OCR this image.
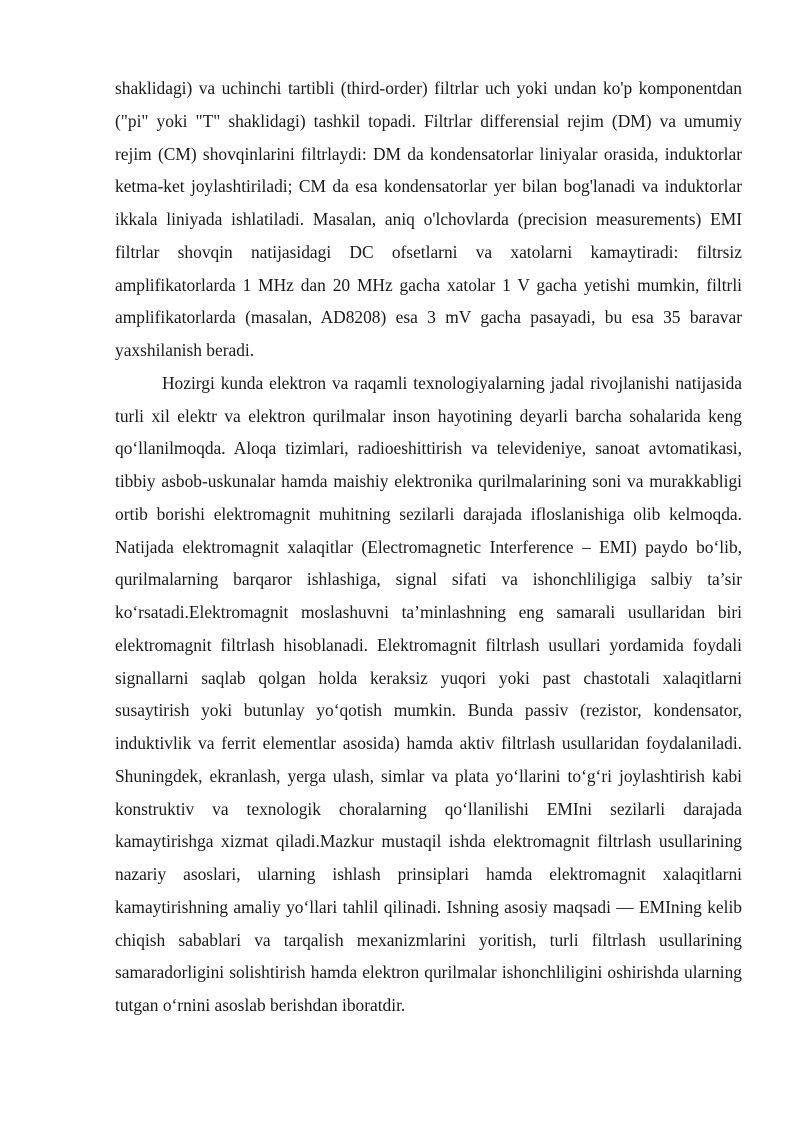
shaklidagi) va uchinchi tartibli (third-order) filtrlar uch yoki undan ko'p komponentdan ("pi" yoki "T" shaklidagi) tashkil topadi. Filtrlar differensial rejim (DM) va umumiy rejim (CM) shovqinlarini filtrlaydi: DM da kondensatorlar liniyalar orasida, induktorlar ketma-ket joylashtiriladi; CM da esa kondensatorlar yer bilan bog'lanadi va induktorlar ikkala liniyada ishlatiladi. Masalan, aniq o'lchovlarda (precision measurements) EMI filtrlar shovqin natijasidagi DC ofsetlarni va xatolarni kamaytiradi: filtrsiz amplifikatorlarda 1 MHz dan 20 MHz gacha xatolar 1 V gacha yetishi mumkin, filtrli amplifikatorlarda (masalan, AD8208) esa 3 mV gacha pasayadi, bu esa 35 baravar yaxshilanish beradi.

Hozirgi kunda elektron va raqamli texnologiyalarning jadal rivojlanishi natijasida turli xil elektr va elektron qurilmalar inson hayotining deyarli barcha sohalarida keng qo‘llanilmoqda. Aloqa tizimlari, radioeshittirish va televideniye, sanoat avtomatikasi, tibbiy asbob-uskunalar hamda maishiy elektronika qurilmalarining soni va murakkabligi ortib borishi elektromagnit muhitning sezilarli darajada ifloslanishiga olib kelmoqda. Natijada elektromagnit xalaqitlar (Electromagnetic Interference – EMI) paydo bo‘lib, qurilmalarning barqaror ishlashiga, signal sifati va ishonchliligiga salbiy ta’sir ko‘rsatadi.Elektromagnit moslashuvni ta’minlashning eng samarali usullaridan biri elektromagnit filtrlash hisoblanadi. Elektromagnit filtrlash usullari yordamida foydali signallarni saqlab qolgan holda keraksiz yuqori yoki past chastotali xalaqitlarni susaytirish yoki butunlay yo‘qotish mumkin. Bunda passiv (rezistor, kondensator, induktivlik va ferrit elementlar asosida) hamda aktiv filtrlash usullaridan foydalaniladi. Shuningdek, ekranlash, yerga ulash, simlar va plata yo‘llarini to‘g‘ri joylashtirish kabi konstruktiv va texnologik choralarning qo‘llanilishi EMIni sezilarli darajada kamaytirishga xizmat qiladi.Mazkur mustaqil ishda elektromagnit filtrlash usullarining nazariy asoslari, ularning ishlash prinsiplari hamda elektromagnit xalaqitlarni kamaytirishning amaliy yo‘llari tahlil qilinadi. Ishning asosiy maqsadi — EMIning kelib chiqish sabablari va tarqalish mexanizmlarini yoritish, turli filtrlash usullarining samaradorligini solishtirish hamda elektron qurilmalar ishonchliligini oshirishda ularning tutgan o‘rnini asoslab berishdan iboratdir.
